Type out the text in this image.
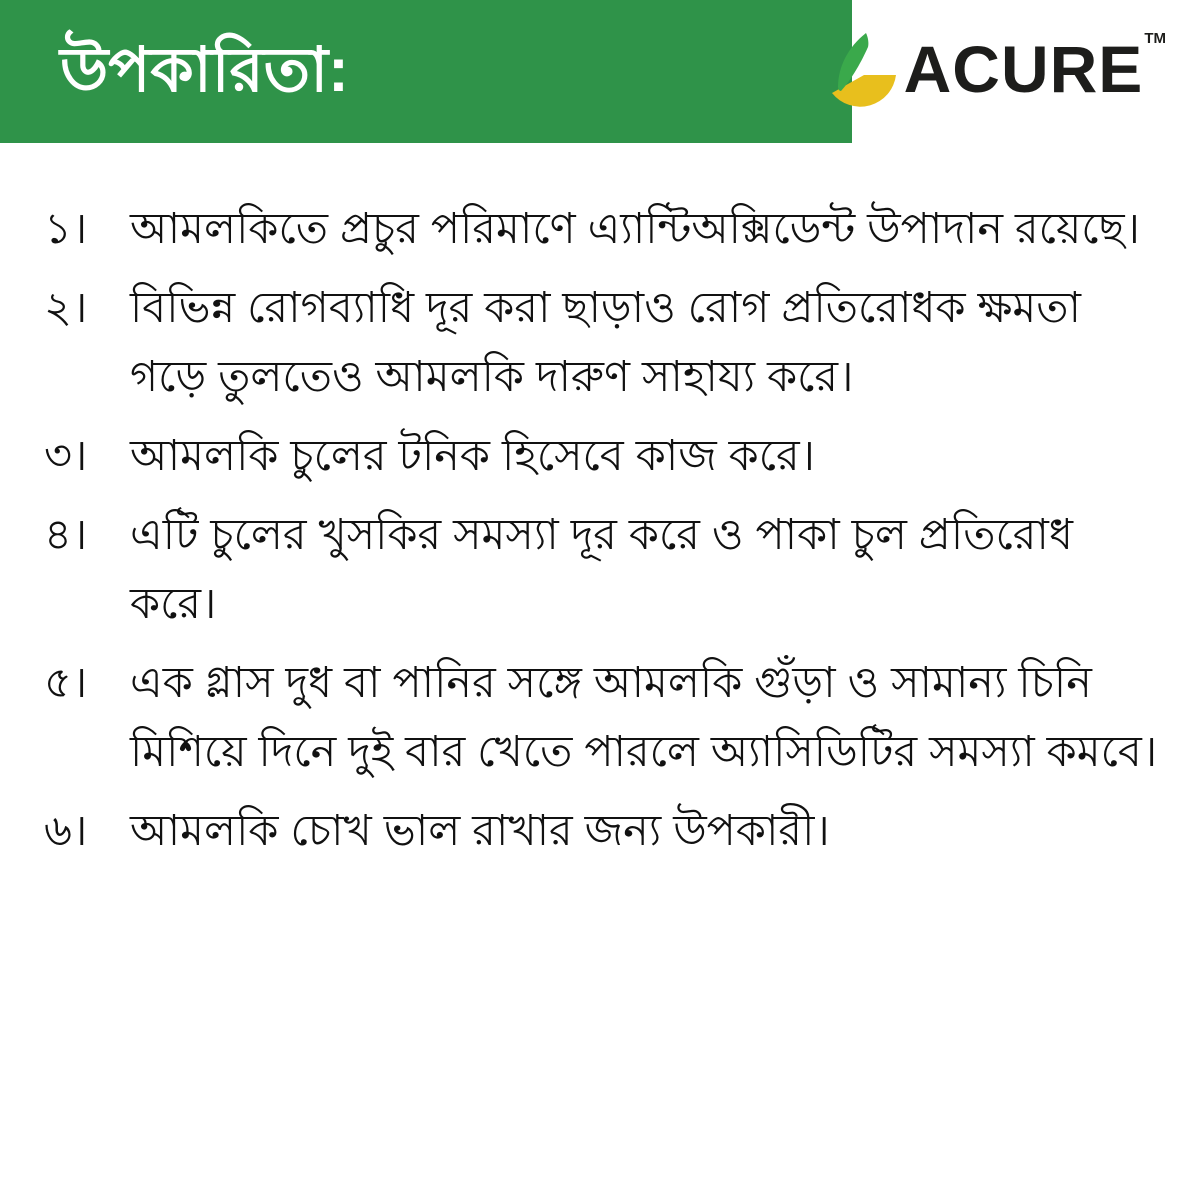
উপকারিতা:	ACURE TM
১। আমলকিতে প্রচুর পরিমাণে এ্যান্টিঅক্সিডেন্ট উপাদান রয়েছে।
২। বিভিন্ন রোগব্যাধি দূর করা ছাড়াও রোগ প্রতিরোধক ক্ষমতা গড়ে তুলতেও আমলকি দারুণ সাহায্য করে।
৩। আমলকি চুলের টনিক হিসেবে কাজ করে।
৪। এটি চুলের খুসকির সমস্যা দূর করে ও পাকা চুল প্রতিরোধ করে।
৫। এক গ্লাস দুধ বা পানির সঙ্গে আমলকি গুঁড়া ও সামান্য চিনি মিশিয়ে দিনে দুই বার খেতে পারলে অ্যাসিডিটির সমস্যা কমবে।
৬। আমলকি চোখ ভাল রাখার জন্য উপকারী।
